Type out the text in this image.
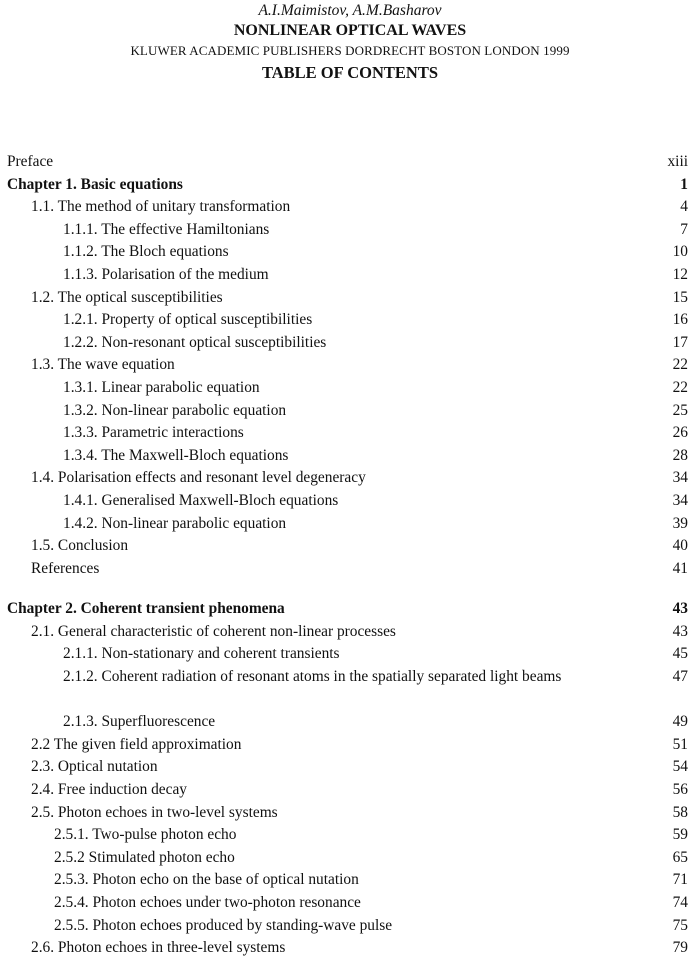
A.I.Maimistov, A.M.Basharov
NONLINEAR OPTICAL WAVES
KLUWER ACADEMIC PUBLISHERS DORDRECHT BOSTON LONDON 1999
TABLE OF CONTENTS
Preface	xiii
Chapter 1. Basic equations	1
1.1. The method of unitary transformation	4
1.1.1. The effective Hamiltonians	7
1.1.2. The Bloch equations	10
1.1.3. Polarisation of the medium	12
1.2. The optical susceptibilities	15
1.2.1. Property of optical susceptibilities	16
1.2.2. Non-resonant optical susceptibilities	17
1.3. The wave equation	22
1.3.1. Linear parabolic equation	22
1.3.2. Non-linear parabolic equation	25
1.3.3. Parametric interactions	26
1.3.4. The Maxwell-Bloch equations	28
1.4. Polarisation effects and resonant level degeneracy	34
1.4.1. Generalised Maxwell-Bloch equations	34
1.4.2. Non-linear parabolic equation	39
1.5. Conclusion	40
References	41
Chapter 2. Coherent transient phenomena	43
2.1. General characteristic of coherent non-linear processes	43
2.1.1. Non-stationary and coherent transients	45
2.1.2. Coherent radiation of resonant atoms in the spatially separated light beams	47
2.1.3. Superfluorescence	49
2.2 The given field approximation	51
2.3. Optical nutation	54
2.4. Free induction decay	56
2.5. Photon echoes in two-level systems	58
2.5.1. Two-pulse photon echo	59
2.5.2 Stimulated photon echo	65
2.5.3. Photon echo on the base of optical nutation	71
2.5.4. Photon echoes under two-photon resonance	74
2.5.5. Photon echoes produced by standing-wave pulse	75
2.6. Photon echoes in three-level systems	79
